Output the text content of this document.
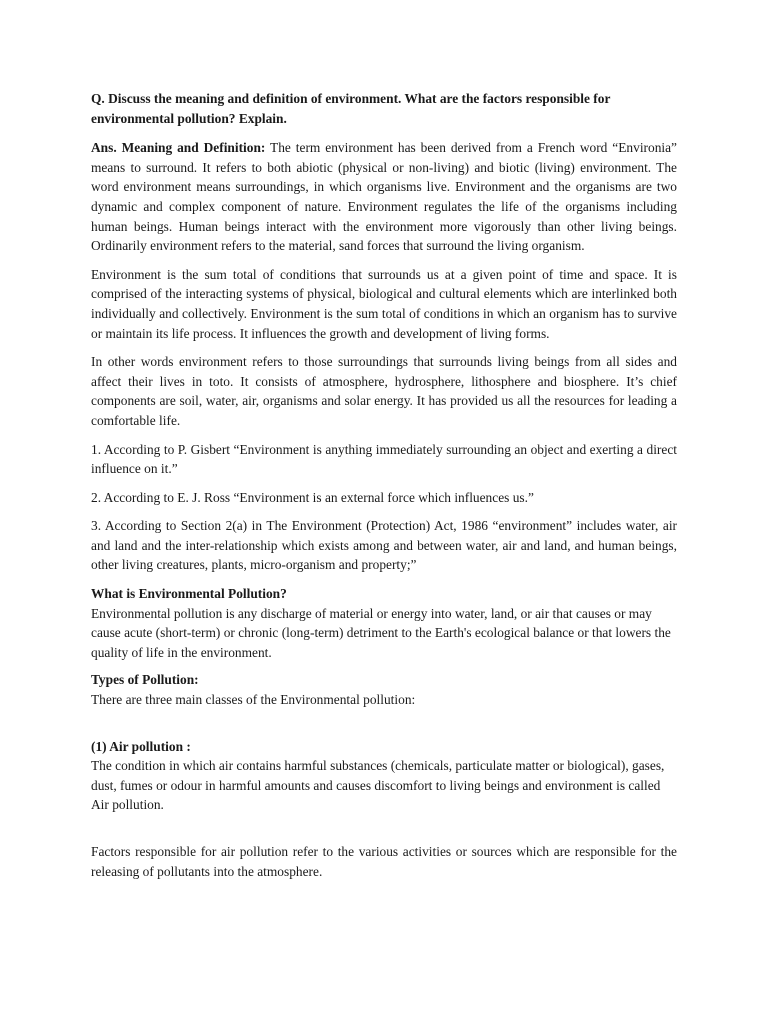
Q. Discuss the meaning and definition of environment. What are the factors responsible for environmental pollution? Explain.

Ans. Meaning and Definition: The term environment has been derived from a French word “Environia” means to surround. It refers to both abiotic (physical or non-living) and biotic (living) environment. The word environment means surroundings, in which organisms live. Environment and the organisms are two dynamic and complex component of nature. Environment regulates the life of the organisms including human beings. Human beings interact with the environment more vigorously than other living beings. Ordinarily environment refers to the material, sand forces that surround the living organism.

Environment is the sum total of conditions that surrounds us at a given point of time and space. It is comprised of the interacting systems of physical, biological and cultural elements which are interlinked both individually and collectively. Environment is the sum total of conditions in which an organism has to survive or maintain its life process. It influences the growth and development of living forms.

In other words environment refers to those surroundings that surrounds living beings from all sides and affect their lives in toto. It consists of atmosphere, hydrosphere, lithosphere and biosphere. It’s chief components are soil, water, air, organisms and solar energy. It has provided us all the resources for leading a comfortable life.

1. According to P. Gisbert “Environment is anything immediately surrounding an object and exerting a direct influence on it.”

2. According to E. J. Ross “Environment is an external force which influences us.”

3. According to Section 2(a) in The Environment (Protection) Act, 1986 “environment” includes water, air and land and the inter-relationship which exists among and between water, air and land, and human beings, other living creatures, plants, micro-organism and property;”

What is Environmental Pollution?
Environmental pollution is any discharge of material or energy into water, land, or air that causes or may cause acute (short-term) or chronic (long-term) detriment to the Earth's ecological balance or that lowers the quality of life in the environment.
Types of Pollution:
There are three main classes of the Environmental pollution:
(1) Air pollution :
The condition in which air contains harmful substances (chemicals, particulate matter or biological), gases, dust, fumes or odour in harmful amounts and causes discomfort to living beings and environment is called Air pollution.

Factors responsible for air pollution refer to the various activities or sources which are responsible for the releasing of pollutants into the atmosphere.
